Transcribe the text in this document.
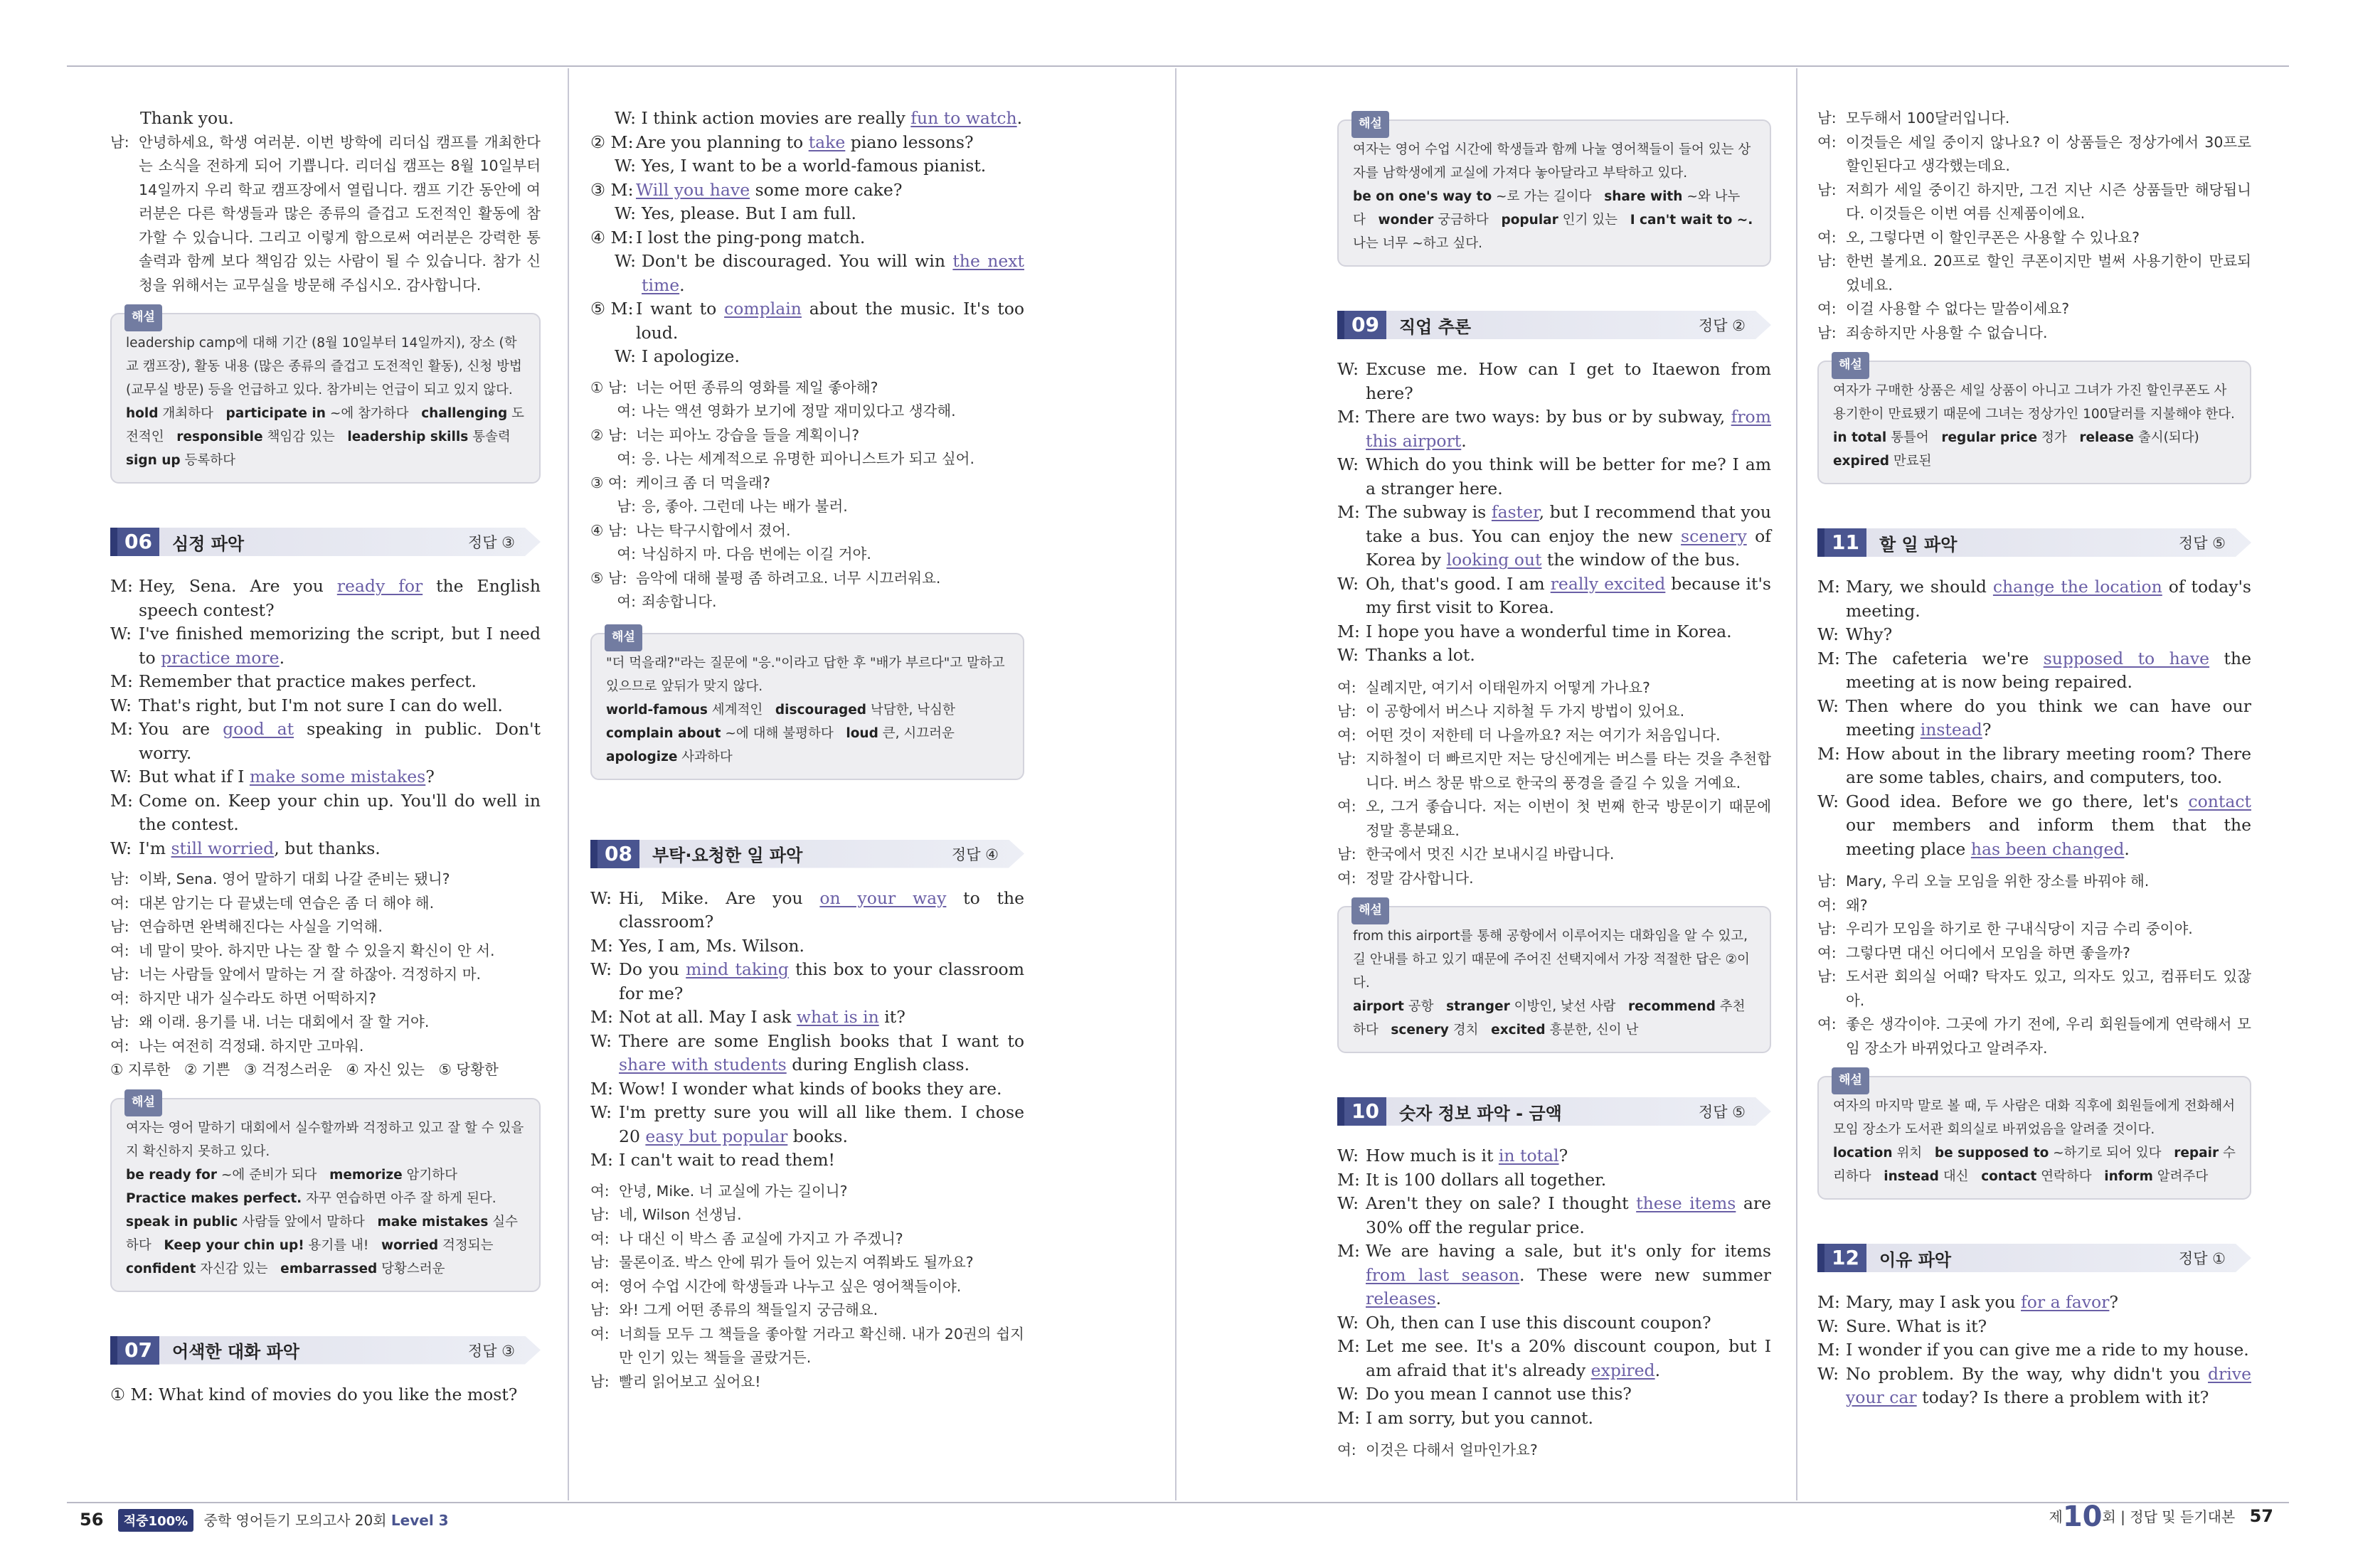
Thank you.

남: 안녕하세요, 학생 여러분. 이번 방학에 리더십 캠프를 개최한다는 소식을 전하게 되어 기쁩니다. 리더십 캠프는 8월 10일부터 14일까지 우리 학교 캠프장에서 열립니다. 캠프 기간 동안에 여러분은 다른 학생들과 많은 종류의 즐겁고 도전적인 활동에 참가할 수 있습니다. 그리고 이렇게 함으로써 여러분은 강력한 통솔력과 함께 보다 책임감 있는 사람이 될 수 있습니다. 참가 신청을 위해서는 교무실을 방문해 주십시오. 감사합니다.
해설

leadership camp에 대해 기간 (8월 10일부터 14일까지), 장소 (학교 캠프장), 활동 내용 (많은 종류의 즐겁고 도전적인 활동), 신청 방법 (교무실 방문) 등을 언급하고 있다. 참가비는 언급이 되고 있지 않다.

hold 개최하다 participate in ~에 참가하다 challenging 도전적인 responsible 책임감 있는 leadership skills 통솔력   sign up 등록하다

06	심정 파악	정답 ③
M: Hey, Sena. Are you ready for the English speech contest?
W: I've finished memorizing the script, but I need to practice more.
M: Remember that practice makes perfect.
W: That's right, but I'm not sure I can do well.
M: You are good at speaking in public. Don't worry.
W: But what if I make some mistakes?
M: Come on. Keep your chin up. You'll do well in the contest.
W: I'm still worried, but thanks.
남: 이봐, Sena. 영어 말하기 대회 나갈 준비는 됐니?
여: 대본 암기는 다 끝냈는데 연습은 좀 더 해야 해.
남: 연습하면 완벽해진다는 사실을 기억해.
여: 네 말이 맞아. 하지만 나는 잘 할 수 있을지 확신이 안 서.
남: 너는 사람들 앞에서 말하는 거 잘 하잖아. 걱정하지 마.
여: 하지만 내가 실수라도 하면 어떡하지?
남: 왜 이래. 용기를 내. 너는 대회에서 잘 할 거야.
여: 나는 여전히 걱정돼. 하지만 고마워.

① 지루한   ② 기쁜   ③ 걱정스러운   ④ 자신 있는   ⑤ 당황한

해설

여자는 영어 말하기 대회에서 실수할까봐 걱정하고 있고 잘 할 수 있을지 확신하지 못하고 있다.

be ready for ~에 준비가 되다 memorize 암기하다   Practice makes perfect. 자꾸 연습하면 아주 잘 하게 된다.   speak in public 사람들 앞에서 말하다 make mistakes 실수하다 Keep your chin up! 용기를 내! worried 걱정되는   confident 자신감 있는 embarrassed 당황스러운

07	어색한 대화 파악	정답 ③

① M: What kind of movies do you like the most?

W: I think action movies are really fun to watch.

② M: Are you planning to take piano lessons?
W: Yes, I want to be a world-famous pianist.
③ M: Will you have some more cake?
W: Yes, please. But I am full.
④ M: I lost the ping-pong match.
W: Don't be discouraged. You will win the next time.
⑤ M: I want to complain about the music. It's too loud.
W: I apologize.
① 남: 너는 어떤 종류의 영화를 제일 좋아해?
여: 나는 액션 영화가 보기에 정말 재미있다고 생각해.
② 남: 너는 피아노 강습을 들을 계획이니?
여: 응. 나는 세계적으로 유명한 피아니스트가 되고 싶어.
③ 여: 케이크 좀 더 먹을래?
남: 응, 좋아. 그런데 나는 배가 불러.
④ 남: 나는 탁구시합에서 졌어.
여: 낙심하지 마. 다음 번에는 이길 거야.
⑤ 남: 음악에 대해 불평 좀 하려고요. 너무 시끄러워요.
여: 죄송합니다.
해설

"더 먹을래?"라는 질문에 "응."이라고 답한 후 "배가 부르다"고 말하고 있으므로 앞뒤가 맞지 않다.

world-famous 세계적인 discouraged 낙담한, 낙심한   complain about ~에 대해 불평하다 loud 큰, 시끄러운   apologize 사과하다

08	부탁·요청한 일 파악	정답 ④
W: Hi, Mike. Are you on your way to the classroom?
M: Yes, I am, Ms. Wilson.
W: Do you mind taking this box to your classroom for me?
M: Not at all. May I ask what is in it?
W: There are some English books that I want to share with students during English class.
M: Wow! I wonder what kinds of books they are.
W: I'm pretty sure you will all like them. I chose 20 easy but popular books.
M: I can't wait to read them!
여: 안녕, Mike. 너 교실에 가는 길이니?
남: 네, Wilson 선생님.
여: 나 대신 이 박스 좀 교실에 가지고 가 주겠니?
남: 물론이죠. 박스 안에 뭐가 들어 있는지 여쭤봐도 될까요?
여: 영어 수업 시간에 학생들과 나누고 싶은 영어책들이야.
남: 와! 그게 어떤 종류의 책들일지 궁금해요.
여: 너희들 모두 그 책들을 좋아할 거라고 확신해. 내가 20권의 쉽지만 인기 있는 책들을 골랐거든.
남: 빨리 읽어보고 싶어요!
해설

여자는 영어 수업 시간에 학생들과 함께 나눌 영어책들이 들어 있는 상자를 남학생에게 교실에 가져다 놓아달라고 부탁하고 있다.

be on one's way to ~로 가는 길이다 share with ~와 나누다 wonder 궁금하다 popular 인기 있는 I can't wait to ~. 나는 너무 ~하고 싶다.

09	직업 추론	정답 ②
W: Excuse me. How can I get to Itaewon from here?
M: There are two ways: by bus or by subway, from this airport.
W: Which do you think will be better for me? I am a stranger here.
M: The subway is faster, but I recommend that you take a bus. You can enjoy the new scenery of Korea by looking out the window of the bus.
W: Oh, that's good. I am really excited because it's my first visit to Korea.
M: I hope you have a wonderful time in Korea.
W: Thanks a lot.
여: 실례지만, 여기서 이태원까지 어떻게 가나요?
남: 이 공항에서 버스나 지하철 두 가지 방법이 있어요.
여: 어떤 것이 저한테 더 나을까요? 저는 여기가 처음입니다.
남: 지하철이 더 빠르지만 저는 당신에게는 버스를 타는 것을 추천합니다. 버스 창문 밖으로 한국의 풍경을 즐길 수 있을 거예요.
여: 오, 그거 좋습니다. 저는 이번이 첫 번째 한국 방문이기 때문에 정말 흥분돼요.
남: 한국에서 멋진 시간 보내시길 바랍니다.
여: 정말 감사합니다.
해설

from this airport를 통해 공항에서 이루어지는 대화임을 알 수 있고, 길 안내를 하고 있기 때문에 주어진 선택지에서 가장 적절한 답은 ②이다.

airport 공항 stranger 이방인, 낯선 사람 recommend 추천하다 scenery 경치 excited 흥분한, 신이 난

10	숫자 정보 파악 - 금액	정답 ⑤
W: How much is it in total?
M: It is 100 dollars all together.
W: Aren't they on sale? I thought these items are 30% off the regular price.
M: We are having a sale, but it's only for items from last season. These were new summer releases.
W: Oh, then can I use this discount coupon?
M: Let me see. It's a 20% discount coupon, but I am afraid that it's already expired.
W: Do you mean I cannot use this?
M: I am sorry, but you cannot.
여: 이것은 다해서 얼마인가요?
남: 모두해서 100달러입니다.
여: 이것들은 세일 중이지 않나요? 이 상품들은 정상가에서 30프로 할인된다고 생각했는데요.
남: 저희가 세일 중이긴 하지만, 그건 지난 시즌 상품들만 해당됩니다. 이것들은 이번 여름 신제품이에요.
여: 오, 그렇다면 이 할인쿠폰은 사용할 수 있나요?
남: 한번 볼게요. 20프로 할인 쿠폰이지만 벌써 사용기한이 만료되었네요.
여: 이걸 사용할 수 없다는 말씀이세요?
남: 죄송하지만 사용할 수 없습니다.
해설

여자가 구매한 상품은 세일 상품이 아니고 그녀가 가진 할인쿠폰도 사용기한이 만료됐기 때문에 그녀는 정상가인 100달러를 지불해야 한다.

in total 통틀어 regular price 정가 release 출시(되다)   expired 만료된

11	할 일 파악	정답 ⑤
M: Mary, we should change the location of today's meeting.
W: Why?
M: The cafeteria we're supposed to have the meeting at is now being repaired.
W: Then where do you think we can have our meeting instead?
M: How about in the library meeting room? There are some tables, chairs, and computers, too.
W: Good idea. Before we go there, let's contact our members and inform them that the meeting place has been changed.
남: Mary, 우리 오늘 모임을 위한 장소를 바꿔야 해.
여: 왜?
남: 우리가 모임을 하기로 한 구내식당이 지금 수리 중이야.
여: 그렇다면 대신 어디에서 모임을 하면 좋을까?
남: 도서관 회의실 어때? 탁자도 있고, 의자도 있고, 컴퓨터도 있잖아.
여: 좋은 생각이야. 그곳에 가기 전에, 우리 회원들에게 연락해서 모임 장소가 바뀌었다고 알려주자.
해설

여자의 마지막 말로 볼 때, 두 사람은 대화 직후에 회원들에게 전화해서 모임 장소가 도서관 회의실로 바뀌었음을 알려줄 것이다.

location 위치 be supposed to ~하기로 되어 있다 repair 수리하다 instead 대신 contact 연락하다 inform 알려주다

12	이유 파악	정답 ①
M: Mary, may I ask you for a favor?
W: Sure. What is it?
M: I wonder if you can give me a ride to my house.
W: No problem. By the way, why didn't you drive your car today? Is there a problem with it?
56 적중100% 중학 영어듣기 모의고사 20회 Level 3	제10회 | 정답 및 듣기대본 57
